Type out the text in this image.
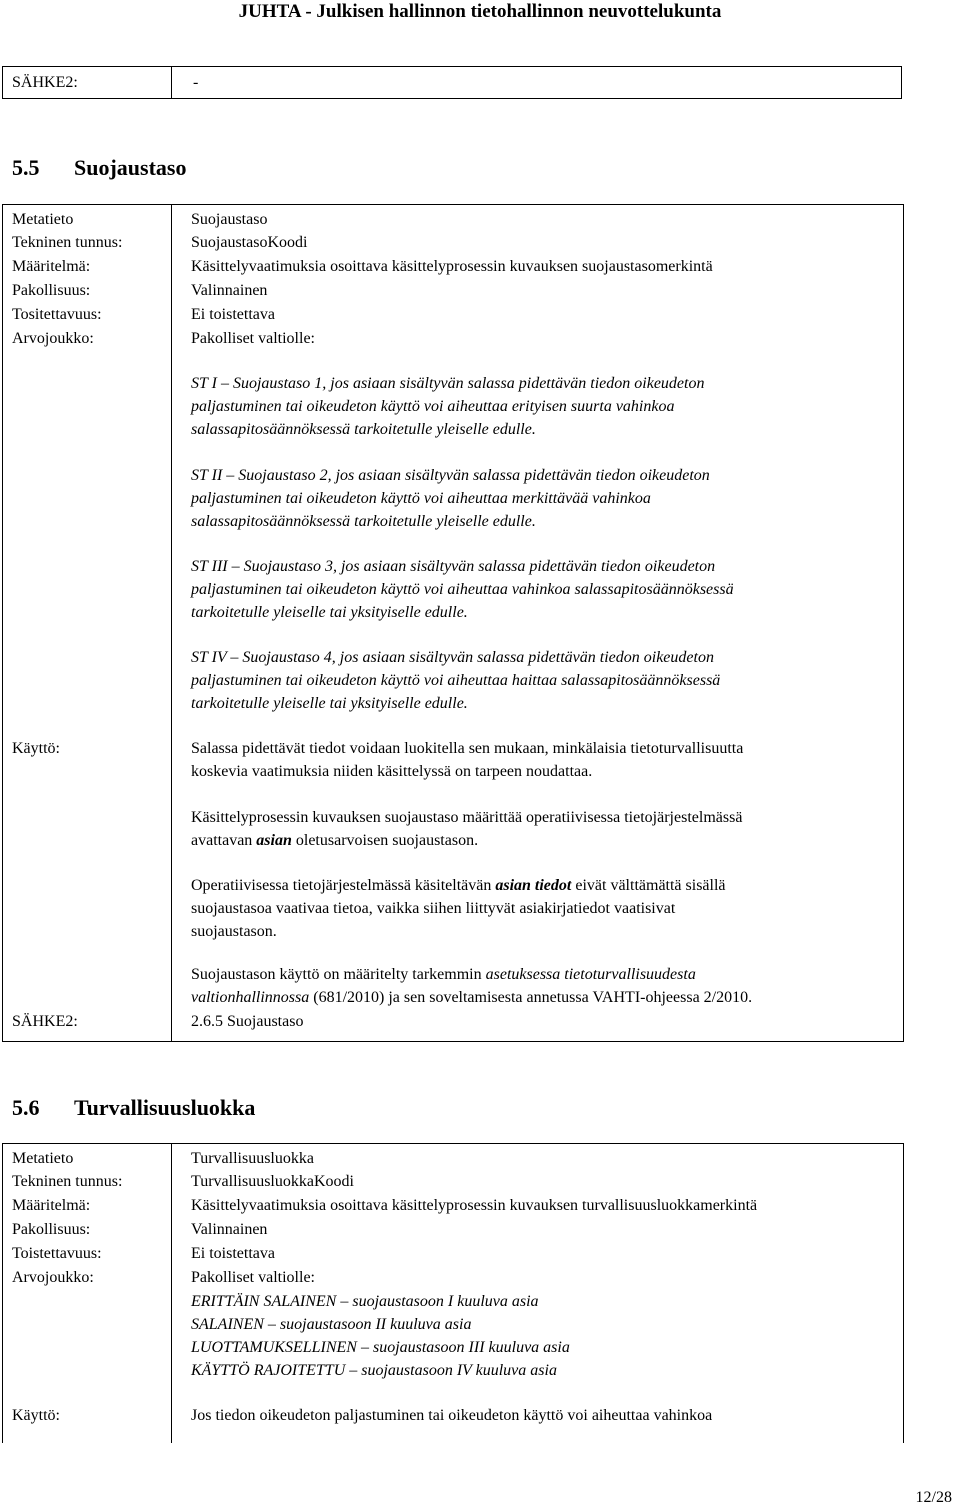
JUHTA - Julkisen hallinnon tietohallinnon neuvottelukunta
SÄHKE2:	-
5.5 Suojaustaso
Metatieto	Suojaustaso
Tekninen tunnus:	SuojaustasoKoodi
Määritelmä:	Käsittelyvaatimuksia osoittava käsittelyprosessin kuvauksen suojaustasomerkintä
Pakollisuus:	Valinnainen
Tositettavuus:	Ei toistettava
Arvojoukko:	Pakolliset valtiolle:
ST I – Suojaustaso 1, jos asiaan sisältyvän salassa pidettävän tiedon oikeudeton
paljastuminen tai oikeudeton käyttö voi aiheuttaa erityisen suurta vahinkoa
salassapitosäännöksessä tarkoitetulle yleiselle edulle.
ST II – Suojaustaso 2, jos asiaan sisältyvän salassa pidettävän tiedon oikeudeton
paljastuminen tai oikeudeton käyttö voi aiheuttaa merkittävää vahinkoa
salassapitosäännöksessä tarkoitetulle yleiselle edulle.
ST III – Suojaustaso 3, jos asiaan sisältyvän salassa pidettävän tiedon oikeudeton
paljastuminen tai oikeudeton käyttö voi aiheuttaa vahinkoa salassapitosäännöksessä
tarkoitetulle yleiselle tai yksityiselle edulle.
ST IV – Suojaustaso 4, jos asiaan sisältyvän salassa pidettävän tiedon oikeudeton
paljastuminen tai oikeudeton käyttö voi aiheuttaa haittaa salassapitosäännöksessä
tarkoitetulle yleiselle tai yksityiselle edulle.
Käyttö:	Salassa pidettävät tiedot voidaan luokitella sen mukaan, minkälaisia tietoturvallisuutta
koskevia vaatimuksia niiden käsittelyssä on tarpeen noudattaa.
Käsittelyprosessin kuvauksen suojaustaso määrittää operatiivisessa tietojärjestelmässä
avattavan asian oletusarvoisen suojaustason.
Operatiivisessa tietojärjestelmässä käsiteltävän asian tiedot eivät välttämättä sisällä
suojaustasoa vaativaa tietoa, vaikka siihen liittyvät asiakirjatiedot vaatisivat
suojaustason.
Suojaustason käyttö on määritelty tarkemmin asetuksessa tietoturvallisuudesta
valtionhallinnossa (681/2010) ja sen soveltamisesta annetussa VAHTI-ohjeessa 2/2010.
SÄHKE2:	2.6.5 Suojaustaso
5.6 Turvallisuusluokka
Metatieto	Turvallisuusluokka
Tekninen tunnus:	TurvallisuusluokkaKoodi
Määritelmä:	Käsittelyvaatimuksia osoittava käsittelyprosessin kuvauksen turvallisuusluokkamerkintä
Pakollisuus:	Valinnainen
Toistettavuus:	Ei toistettava
Arvojoukko:	Pakolliset valtiolle:
ERITTÄIN SALAINEN – suojaustasoon I kuuluva asia
SALAINEN – suojaustasoon II kuuluva asia
LUOTTAMUKSELLINEN – suojaustasoon III kuuluva asia
KÄYTTÖ RAJOITETTU – suojaustasoon IV kuuluva asia
Käyttö:	Jos tiedon oikeudeton paljastuminen tai oikeudeton käyttö voi aiheuttaa vahinkoa
12/28
